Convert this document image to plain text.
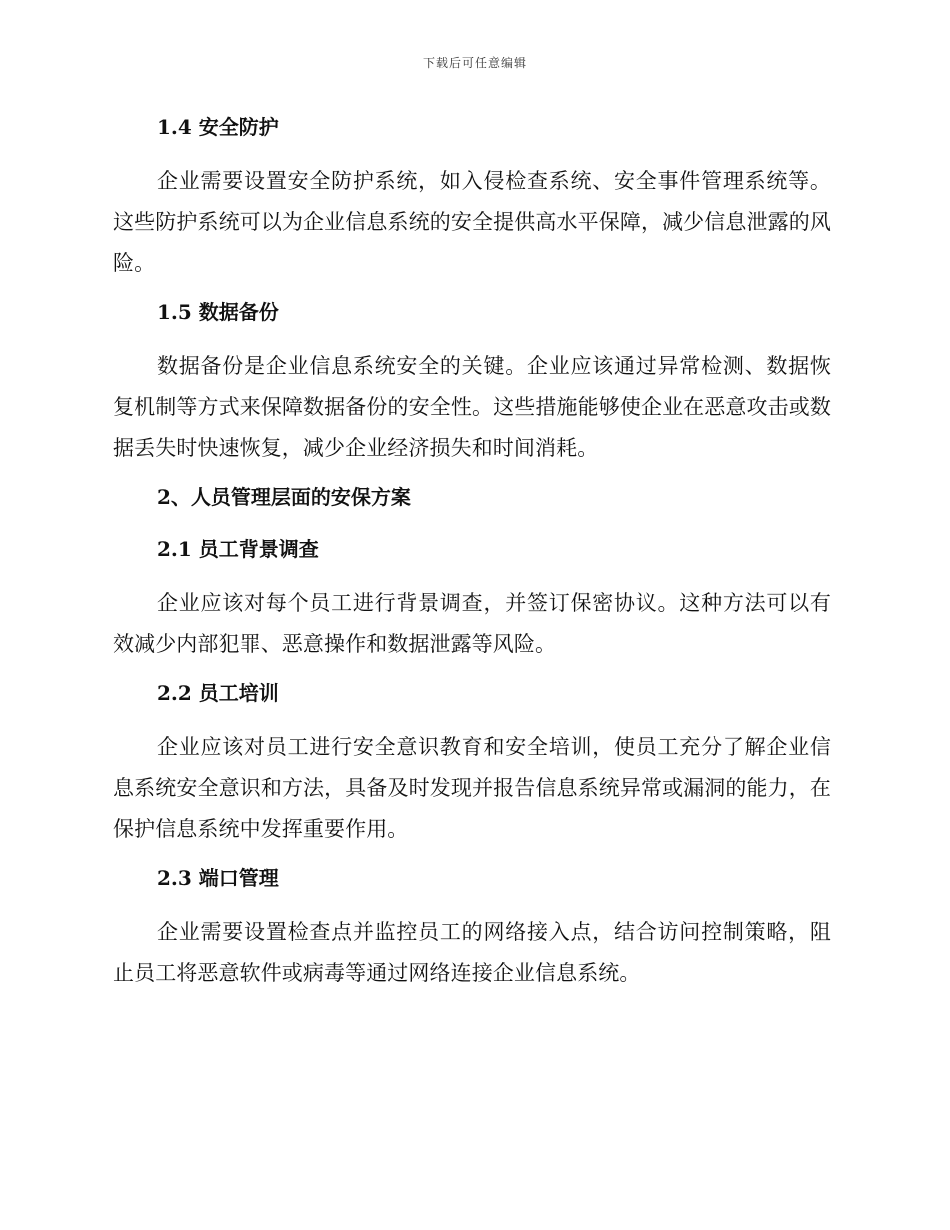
下载后可任意编辑
1.4 安全防护

企业需要设置安全防护系统，如入侵检查系统、安全事件管理系统等。这些防护系统可以为企业信息系统的安全提供高水平保障，减少信息泄露的风险。

1.5 数据备份

数据备份是企业信息系统安全的关键。企业应该通过异常检测、数据恢复机制等方式来保障数据备份的安全性。这些措施能够使企业在恶意攻击或数据丢失时快速恢复，减少企业经济损失和时间消耗。

2、人员管理层面的安保方案
2.1 员工背景调查

企业应该对每个员工进行背景调查，并签订保密协议。这种方法可以有效减少内部犯罪、恶意操作和数据泄露等风险。

2.2 员工培训

企业应该对员工进行安全意识教育和安全培训，使员工充分了解企业信息系统安全意识和方法，具备及时发现并报告信息系统异常或漏洞的能力，在保护信息系统中发挥重要作用。

2.3 端口管理

企业需要设置检查点并监控员工的网络接入点，结合访问控制策略，阻止员工将恶意软件或病毒等通过网络连接企业信息系统。
